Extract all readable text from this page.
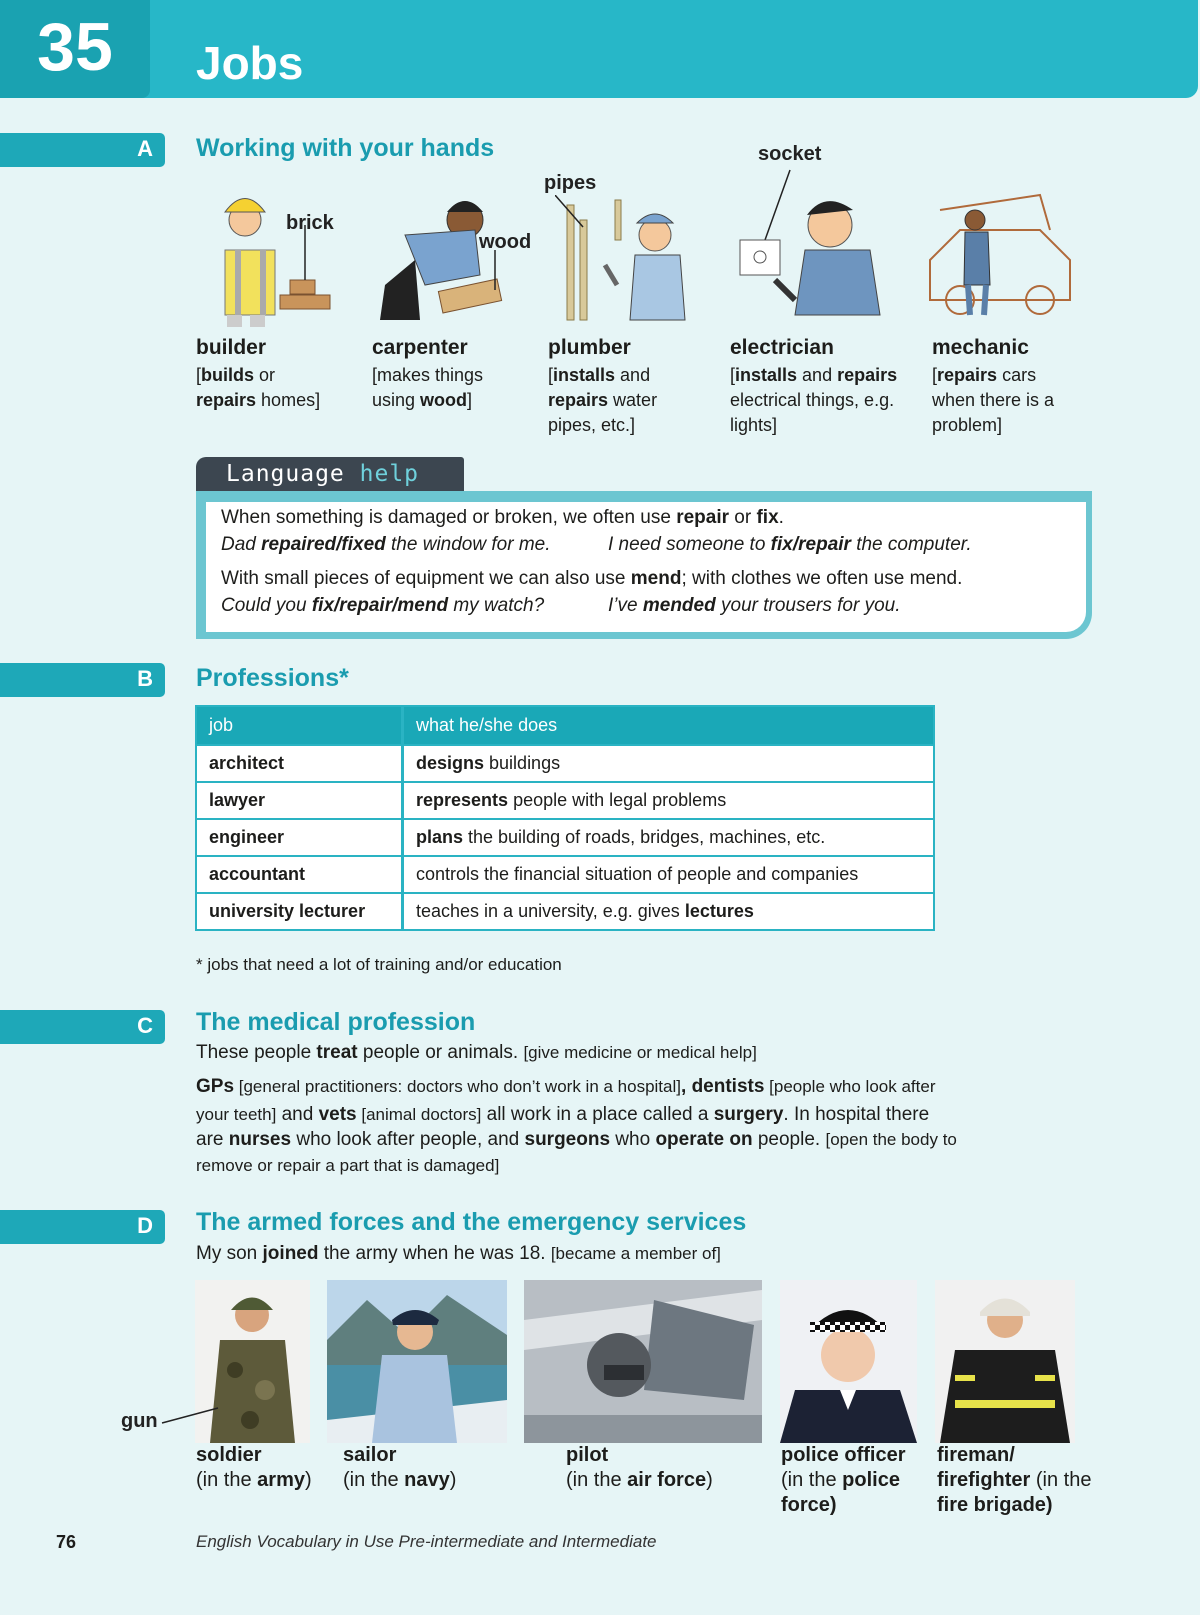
35	Jobs
A Working with your hands
brick
wood
pipes
socket
builder
[builds or
repairs homes]
carpenter
[makes things using wood]
plumber
[installs and
repairs water pipes, etc.]
electrician
[installs and repairs electrical things, e.g. lights]
mechanic
[repairs cars when there is a problem]
Language help
When something is damaged or broken, we often use repair or fix.
Dad repaired/fixed the window for me.	I need someone to fix/repair the computer.
With small pieces of equipment we can also use mend; with clothes we often use mend.
Could you fix/repair/mend my watch?	I’ve mended your trousers for you.
B Professions*
job	what he/she does
architect	designs buildings
lawyer	represents people with legal problems
engineer	plans the building of roads, bridges, machines, etc.
accountant	controls the financial situation of people and companies
university lecturer	teaches in a university, e.g. gives lectures
* jobs that need a lot of training and/or education
C The medical profession
These people treat people or animals. [give medicine or medical help]
GPs [general practitioners: doctors who don’t work in a hospital], dentists [people who look after
your teeth] and vets [animal doctors] all work in a place called a surgery. In hospital there
are nurses who look after people, and surgeons who operate on people. [open the body to
remove or repair a part that is damaged]
D The armed forces and the emergency services
My son joined the army when he was 18. [became a member of]
gun
soldier
(in the army)
sailor
(in the navy)
pilot
(in the air force)
police officer
(in the police
force)
fireman/
firefighter (in the
fire brigade)
76	English Vocabulary in Use Pre-intermediate and Intermediate
